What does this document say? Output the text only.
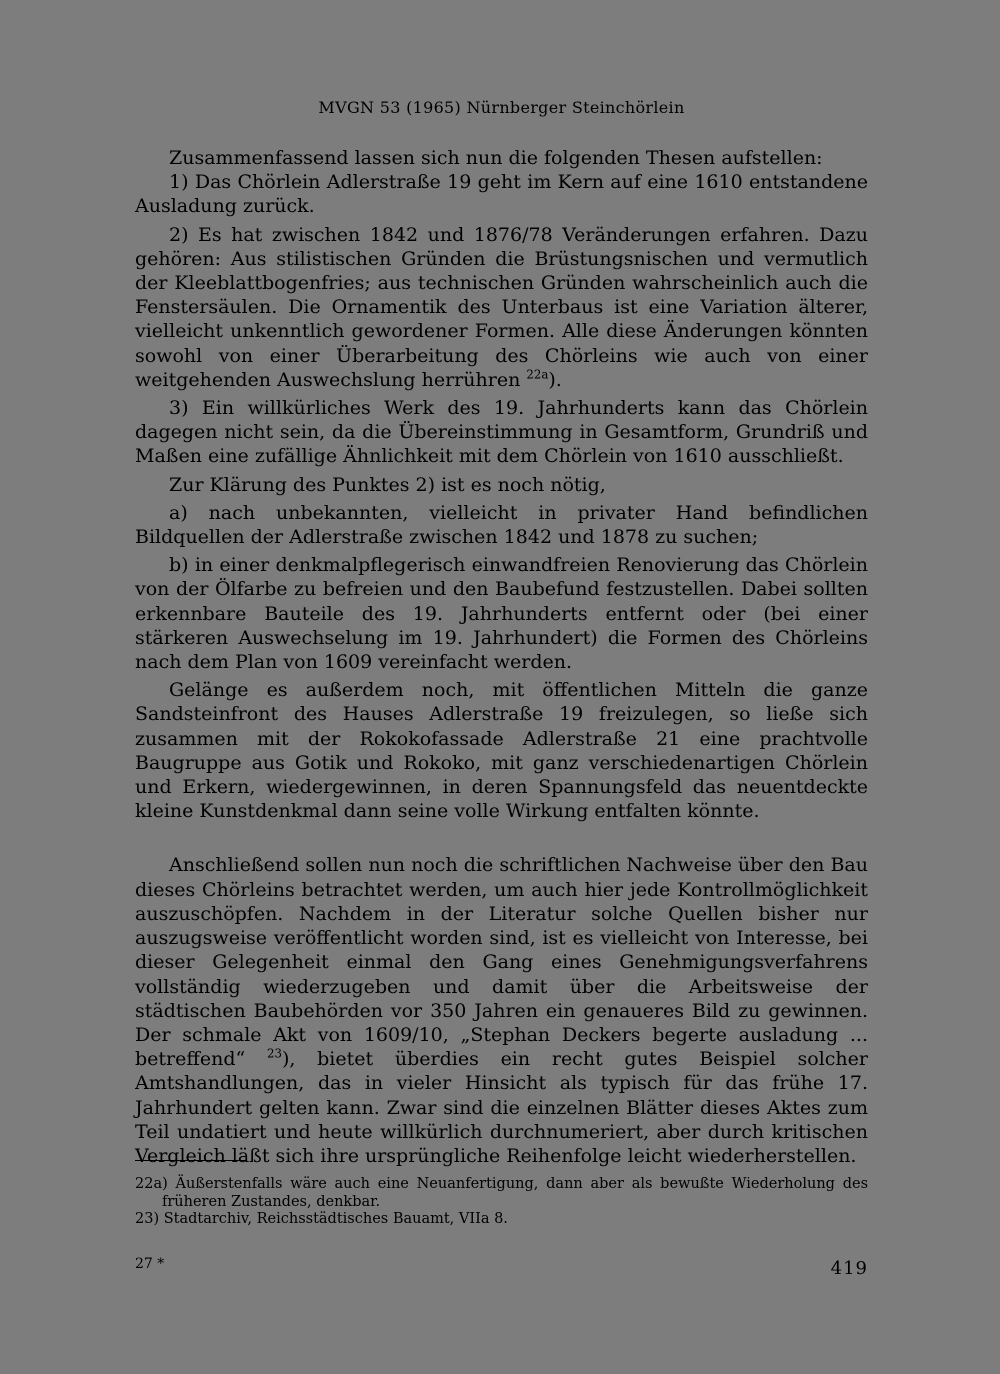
MVGN 53 (1965) Nürnberger Steinchörlein

Zusammenfassend lassen sich nun die folgenden Thesen aufstellen:

1) Das Chörlein Adlerstraße 19 geht im Kern auf eine 1610 entstandene Ausladung zurück.

2) Es hat zwischen 1842 und 1876/78 Veränderungen erfahren. Dazu gehören: Aus stilistischen Gründen die Brüstungsnischen und vermutlich der Kleeblattbogenfries; aus technischen Gründen wahrscheinlich auch die Fenstersäulen. Die Ornamentik des Unterbaus ist eine Variation älterer, vielleicht unkenntlich gewordener Formen. Alle diese Änderungen könnten sowohl von einer Überarbeitung des Chörleins wie auch von einer weitgehenden Auswechslung herrühren $^{22a}$).

3) Ein willkürliches Werk des 19. Jahrhunderts kann das Chörlein dagegen nicht sein, da die Übereinstimmung in Gesamtform, Grundriß und Maßen eine zufällige Ähnlichkeit mit dem Chörlein von 1610 ausschließt.

Zur Klärung des Punktes 2) ist es noch nötig,

a) nach unbekannten, vielleicht in privater Hand befindlichen Bildquellen der Adlerstraße zwischen 1842 und 1878 zu suchen;

b) in einer denkmalpflegerisch einwandfreien Renovierung das Chörlein von der Ölfarbe zu befreien und den Baubefund festzustellen. Dabei sollten erkennbare Bauteile des 19. Jahrhunderts entfernt oder (bei einer stärkeren Auswechselung im 19. Jahrhundert) die Formen des Chörleins nach dem Plan von 1609 vereinfacht werden.

Gelänge es außerdem noch, mit öffentlichen Mitteln die ganze Sandsteinfront des Hauses Adlerstraße 19 freizulegen, so ließe sich zusammen mit der Rokokofassade Adlerstraße 21 eine prachtvolle Baugruppe aus Gotik und Rokoko, mit ganz verschiedenartigen Chörlein und Erkern, wiedergewinnen, in deren Spannungsfeld das neuentdeckte kleine Kunstdenkmal dann seine volle Wirkung entfalten könnte.

Anschließend sollen nun noch die schriftlichen Nachweise über den Bau dieses Chörleins betrachtet werden, um auch hier jede Kontrollmöglichkeit auszuschöpfen. Nachdem in der Literatur solche Quellen bisher nur auszugsweise veröffentlicht worden sind, ist es vielleicht von Interesse, bei dieser Gelegenheit einmal den Gang eines Genehmigungsverfahrens vollständig wiederzugeben und damit über die Arbeitsweise der städtischen Baubehörden vor 350 Jahren ein genaueres Bild zu gewinnen. Der schmale Akt von 1609/10, „Stephan Deckers begerte ausladung ... betreffend“ $^{23}$), bietet überdies ein recht gutes Beispiel solcher Amtshandlungen, das in vieler Hinsicht als typisch für das frühe 17. Jahrhundert gelten kann. Zwar sind die einzelnen Blätter dieses Aktes zum Teil undatiert und heute willkürlich durchnumeriert, aber durch kritischen Vergleich läßt sich ihre ursprüngliche Reihenfolge leicht wiederherstellen.

22a) Äußerstenfalls wäre auch eine Neuanfertigung, dann aber als bewußte Wiederholung des früheren Zustandes, denkbar.
23) Stadtarchiv, Reichsstädtisches Bauamt, VIIa 8.
27 *	419
